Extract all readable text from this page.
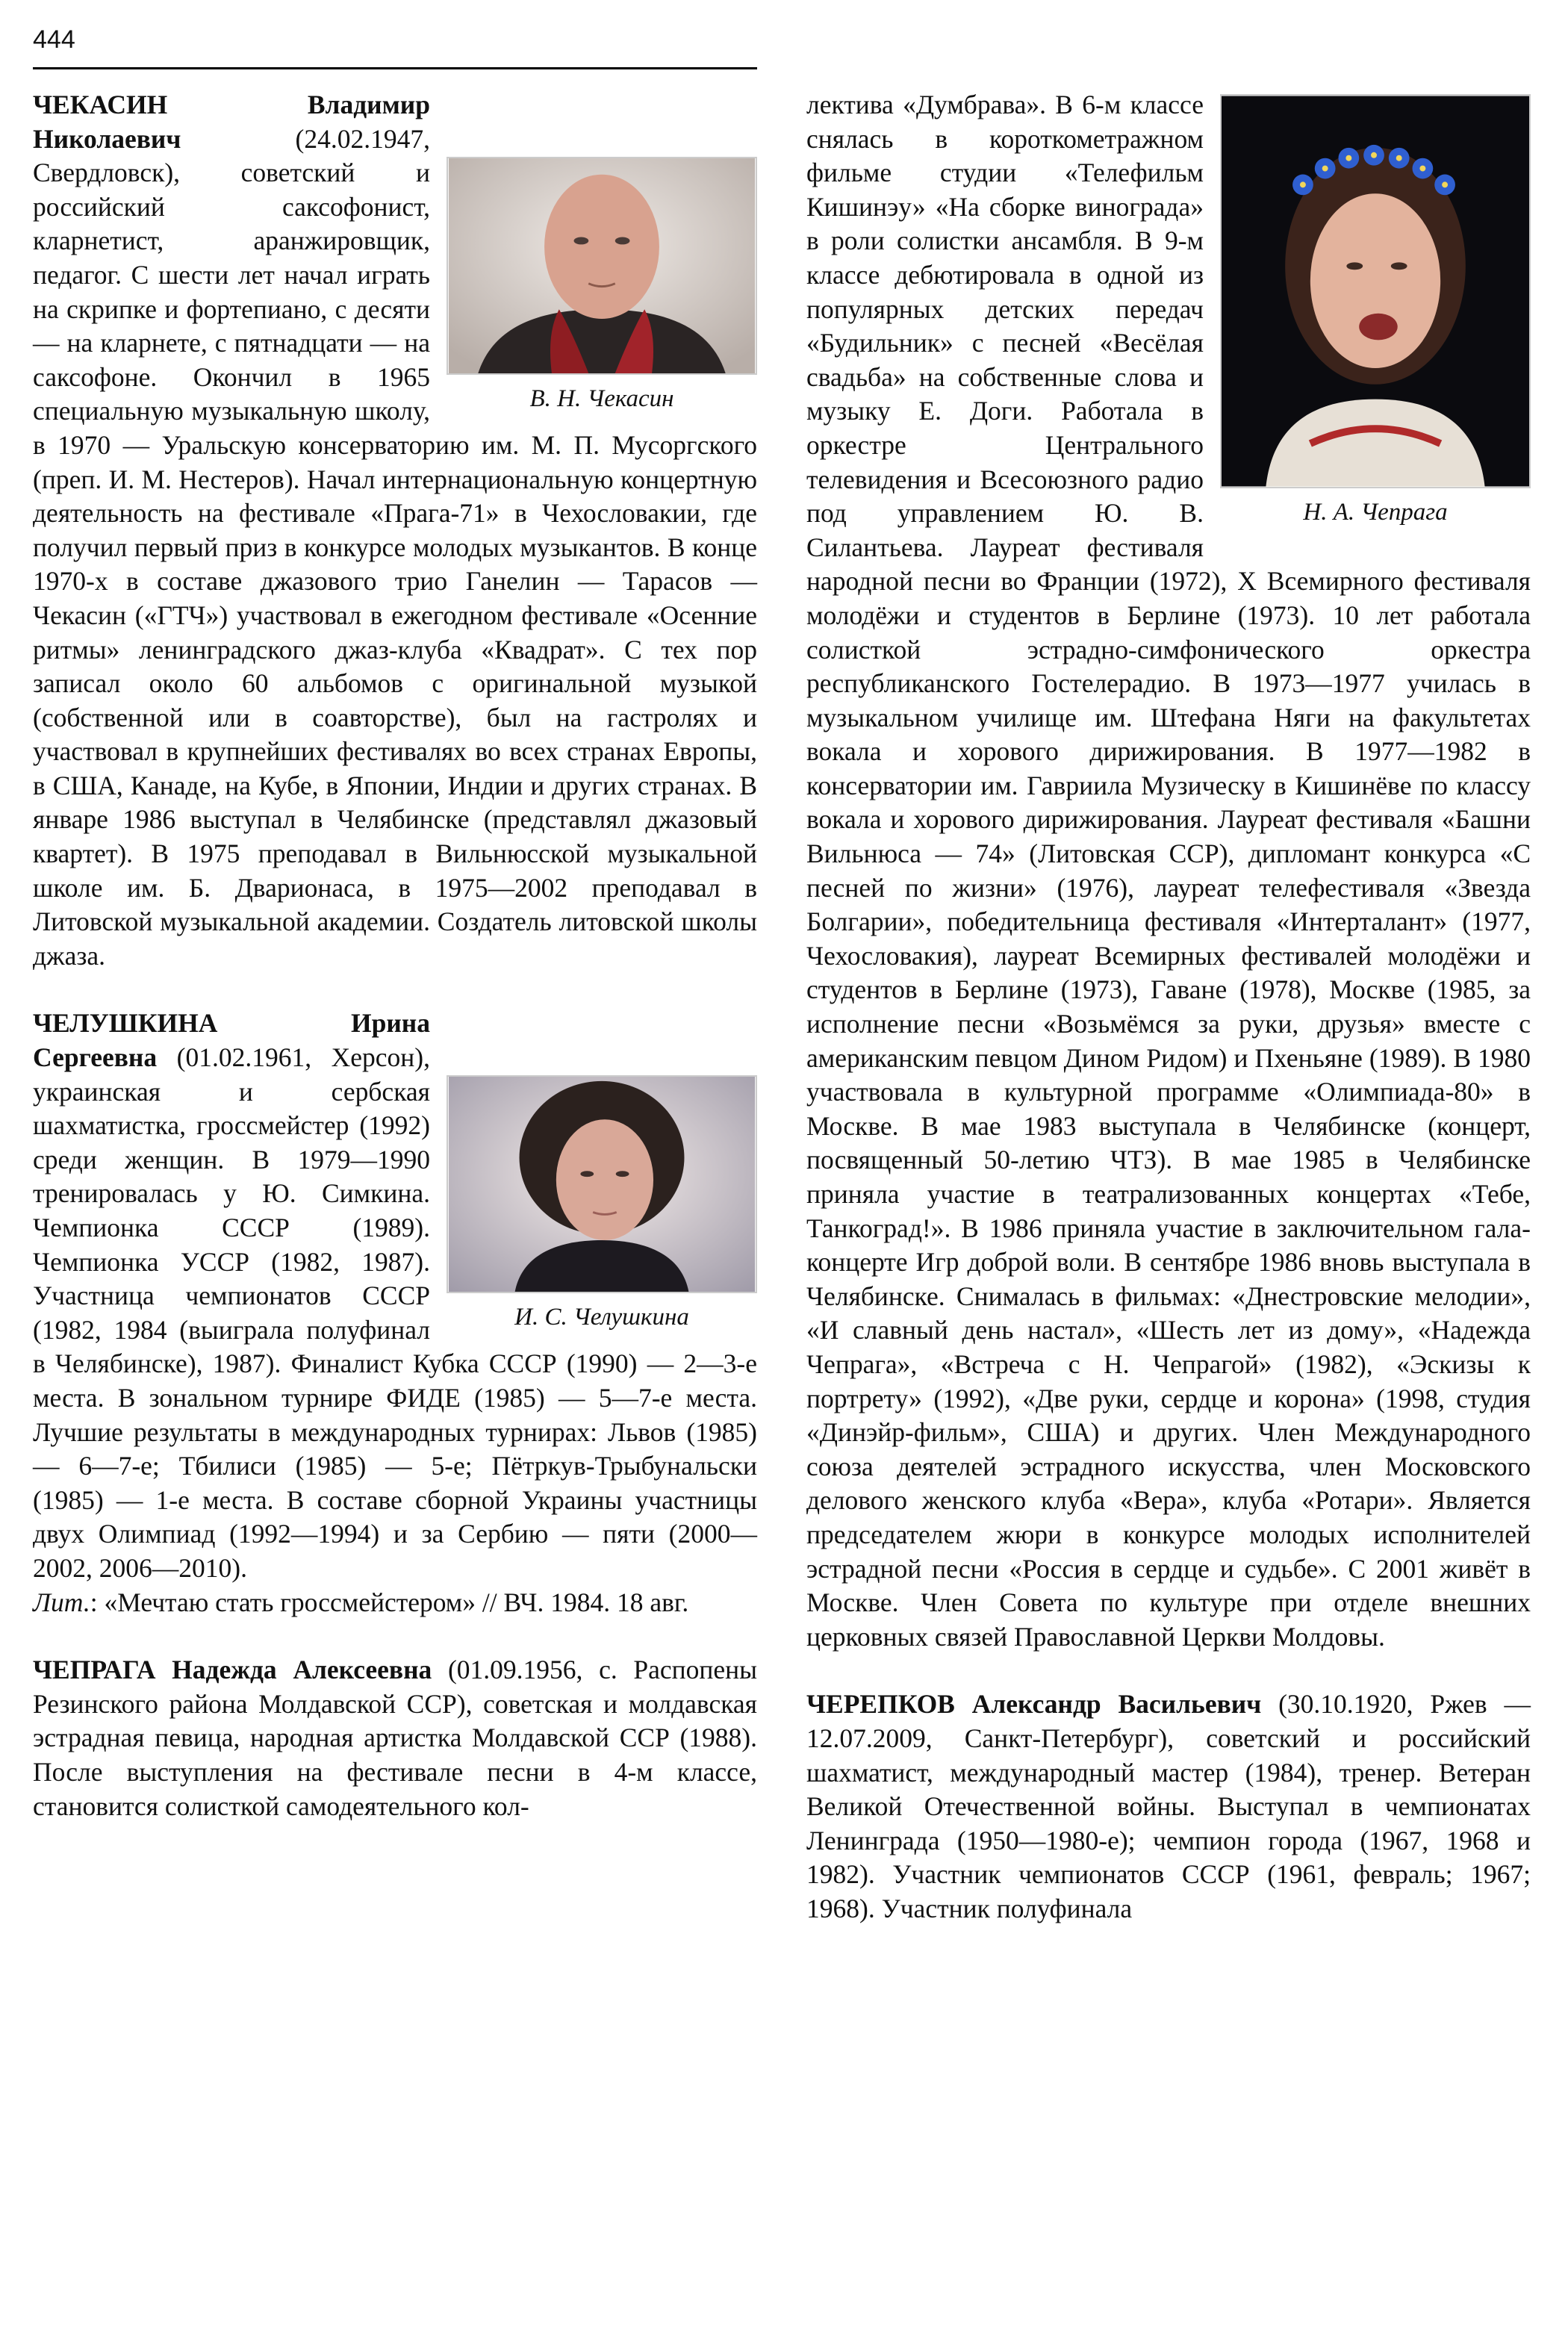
444
В. Н. Чекасин

ЧЕКАСИН Владимир Николаевич (24.02.1947, Свердловск), советский и российский саксофонист, кларнетист, аранжировщик, педагог. С шести лет начал играть на скрипке и фортепиано, с десяти — на кларнете, с пятнадцати — на саксофоне. Окончил в 1965 специальную музыкальную школу, в 1970 — Уральскую консерваторию им. М. П. Мусоргского (преп. И. М. Нестеров). Начал интернациональную концертную деятельность на фестивале «Прага-71» в Чехословакии, где получил первый приз в конкурсе молодых музыкантов. В конце 1970-х в составе джазового трио Ганелин — Тарасов — Чекасин («ГТЧ») участвовал в ежегодном фестивале «Осенние ритмы» ленинградского джаз-клуба «Квадрат». С тех пор записал около 60 альбомов с оригинальной музыкой (собственной или в соавторстве), был на гастролях и участвовал в крупнейших фестивалях во всех странах Европы, в США, Канаде, на Кубе, в Японии, Индии и других странах. В январе 1986 выступал в Челябинске (представлял джазовый квартет). В 1975 преподавал в Вильнюсской музыкальной школе им. Б. Дварионаса, в 1975—2002 преподавал в Литовской музыкальной академии. Создатель литовской школы джаза.

И. С. Челушкина

ЧЕЛУШКИНА Ирина Сергеевна (01.02.1961, Херсон), украинская и сербская шахматистка, гроссмейстер (1992) среди женщин. В 1979—1990 тренировалась у Ю. Симкина. Чемпионка СССР (1989). Чемпионка УССР (1982, 1987). Участница чемпионатов СССР (1982, 1984 (выиграла полуфинал в Челябинске), 1987). Финалист Кубка СССР (1990) — 2—3-е места. В зональном турнире ФИДЕ (1985) — 5—7-е места. Лучшие результаты в международных турнирах: Львов (1985) — 6—7-е; Тбилиси (1985) — 5-е; Пётркув-Трыбунальски (1985) — 1-е места. В составе сборной Украины участницы двух Олимпиад (1992—1994) и за Сербию — пяти (2000—2002, 2006—2010).

Лит.: «Мечтаю стать гроссмейстером» // ВЧ. 1984. 18 авг.

ЧЕПРАГА Надежда Алексеевна (01.09.1956, с. Распопены Резинского района Молдавской ССР), советская и молдавская эстрадная певица, народная артистка Молдавской ССР (1988). После выступления на фестивале песни в 4-м классе, становится солисткой самодеятельного кол-

Н. А. Чепрага

лектива «Думбрава». В 6-м классе снялась в короткометражном фильме студии «Телефильм Кишинэу» «На сборке винограда» в роли солистки ансамбля. В 9-м классе дебютировала в одной из популярных детских передач «Будильник» с песней «Весёлая свадьба» на собственные слова и музыку Е. Доги. Работала в оркестре Центрального телевидения и Всесоюзного радио под управлением Ю. В. Силантьева. Лауреат фестиваля народной песни во Франции (1972), X Всемирного фестиваля молодёжи и студентов в Берлине (1973). 10 лет работала солисткой эстрадно-симфонического оркестра республиканского Гостелерадио. В 1973—1977 училась в музыкальном училище им. Штефана Няги на факультетах вокала и хорового дирижирования. В 1977—1982 в консерватории им. Гавриила Музическу в Кишинёве по классу вокала и хорового дирижирования. Лауреат фестиваля «Башни Вильнюса — 74» (Литовская ССР), дипломант конкурса «С песней по жизни» (1976), лауреат телефестиваля «Звезда Болгарии», победительница фестиваля «Интерталант» (1977, Чехословакия), лауреат Всемирных фестивалей молодёжи и студентов в Берлине (1973), Гаване (1978), Москве (1985, за исполнение песни «Возьмёмся за руки, друзья» вместе с американским певцом Дином Ридом) и Пхеньяне (1989). В 1980 участвовала в культурной программе «Олимпиада-80» в Москве. В мае 1983 выступала в Челябинске (концерт, посвященный 50-летию ЧТЗ). В мае 1985 в Челябинске приняла участие в театрализованных концертах «Тебе, Танкоград!». В 1986 приняла участие в заключительном гала-концерте Игр доброй воли. В сентябре 1986 вновь выступала в Челябинске. Снималась в фильмах: «Днестровские мелодии», «И славный день настал», «Шесть лет из дому», «Надежда Чепрага», «Встреча с Н. Чепрагой» (1982), «Эскизы к портрету» (1992), «Две руки, сердце и корона» (1998, студия «Динэйр-фильм», США) и других. Член Международного союза деятелей эстрадного искусства, член Московского делового женского клуба «Вера», клуба «Ротари». Является председателем жюри в конкурсе молодых исполнителей эстрадной песни «Россия в сердце и судьбе». С 2001 живёт в Москве. Член Совета по культуре при отделе внешних церковных связей Православной Церкви Молдовы.

ЧЕРЕПКОВ Александр Васильевич (30.10.1920, Ржев — 12.07.2009, Санкт-Петербург), советский и российский шахматист, международный мастер (1984), тренер. Ветеран Великой Отечественной войны. Выступал в чемпионатах Ленинграда (1950—1980-е); чемпион города (1967, 1968 и 1982). Участник чемпионатов СССР (1961, февраль; 1967; 1968). Участник полуфинала
